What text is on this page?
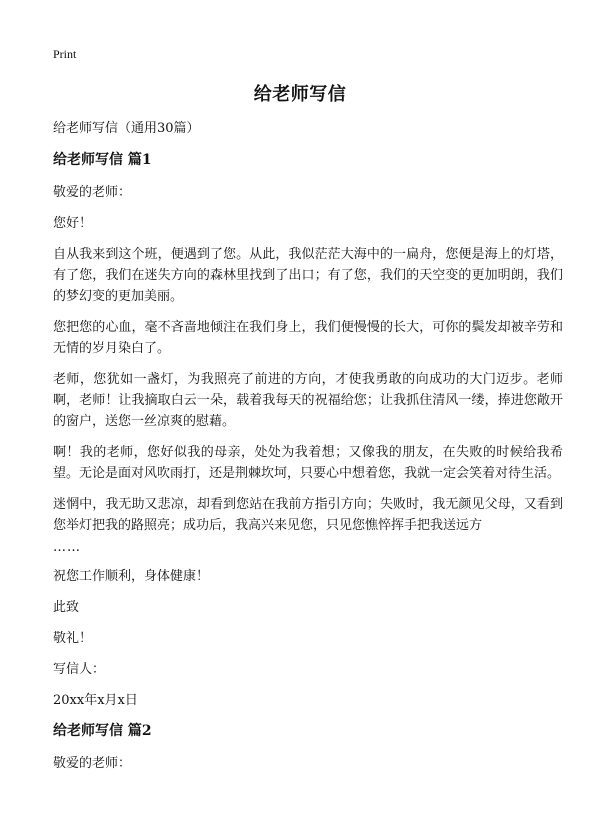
Print
给老师写信

给老师写信（通用30篇）

给老师写信 篇1

敬爱的老师：

您好！

自从我来到这个班，便遇到了您。从此，我似茫茫大海中的一扁舟，您便是海上的灯塔，有了您，我们在迷失方向的森林里找到了出口；有了您，我们的天空变的更加明朗，我们的梦幻变的更加美丽。

您把您的心血，毫不吝啬地倾注在我们身上，我们便慢慢的长大，可你的鬓发却被辛劳和无情的岁月染白了。

老师，您犹如一盏灯，为我照亮了前进的方向，才使我勇敢的向成功的大门迈步。老师啊，老师！让我摘取白云一朵，载着我每天的祝福给您；让我抓住清风一缕，捧进您敞开的窗户，送您一丝凉爽的慰藉。

啊！我的老师，您好似我的母亲，处处为我着想；又像我的朋友，在失败的时候给我希望。无论是面对风吹雨打，还是荆棘坎坷，只要心中想着您，我就一定会笑着对待生活。

迷惘中，我无助又悲凉，却看到您站在我前方指引方向；失败时，我无颜见父母，又看到您举灯把我的路照亮；成功后，我高兴来见您，只见您憔悴挥手把我送远方

……

祝您工作顺利，身体健康！

此致

敬礼！

写信人：

20xx年x月x日

给老师写信 篇2

敬爱的老师：
